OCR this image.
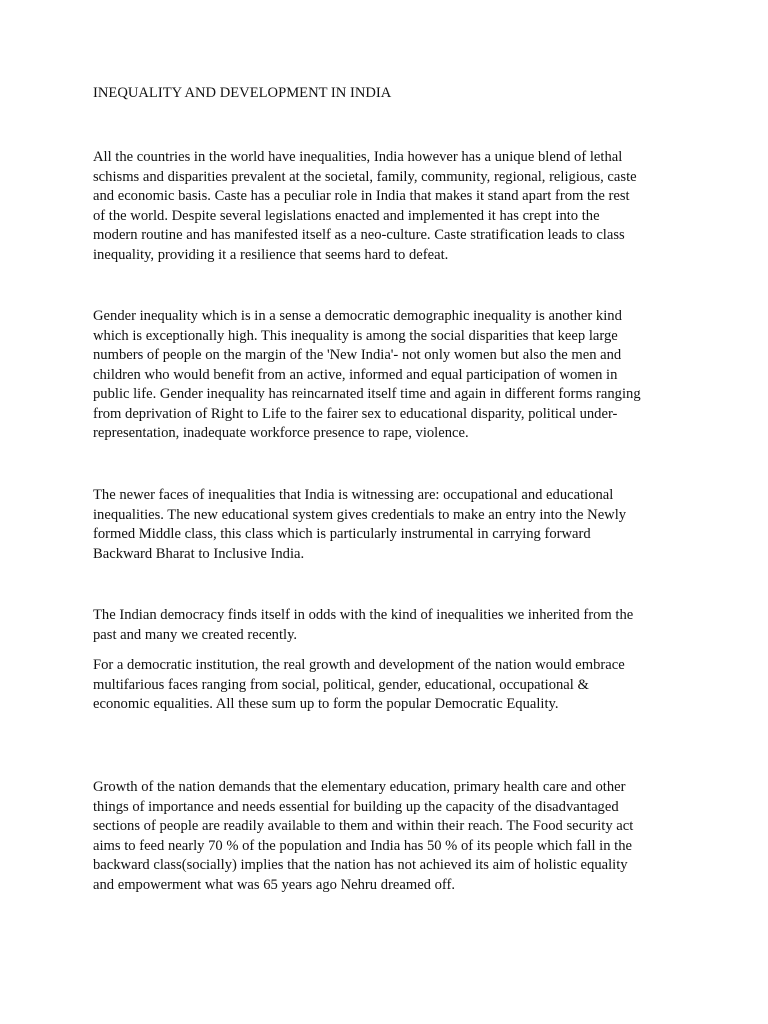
INEQUALITY AND DEVELOPMENT IN INDIA

All the countries in the world have inequalities, India however has a unique blend of lethal
schisms and disparities prevalent at the societal, family, community, regional, religious, caste
and economic basis. Caste has a peculiar role in India that makes it stand apart from the rest
of the world. Despite several legislations enacted and implemented it has crept into the
modern routine and has manifested itself as a neo-culture. Caste stratification leads to class
inequality, providing it a resilience that seems hard to defeat.

Gender inequality which is in a sense a democratic demographic inequality is another kind
which is exceptionally high. This inequality is among the social disparities that keep large
numbers of people on the margin of the 'New India'- not only women but also the men and
children who would benefit from an active, informed and equal participation of women in
public life. Gender inequality has reincarnated itself time and again in different forms ranging
from deprivation of Right to Life to the fairer sex to educational disparity, political under-
representation, inadequate workforce presence to rape, violence.

The newer faces of inequalities that India is witnessing are: occupational and educational
inequalities. The new educational system gives credentials to make an entry into the Newly
formed Middle class, this class which is particularly instrumental in carrying forward
Backward Bharat to Inclusive India.

The Indian democracy finds itself in odds with the kind of inequalities we inherited from the
past and many we created recently.

For a democratic institution, the real growth and development of the nation would embrace
multifarious faces ranging from social, political, gender, educational, occupational &
economic equalities. All these sum up to form the popular Democratic Equality.

Growth of the nation demands that the elementary education, primary health care and other
things of importance and needs essential for building up the capacity of the disadvantaged
sections of people are readily available to them and within their reach. The Food security act
aims to feed nearly 70 % of the population and India has 50 % of its people which fall in the
backward class(socially) implies that the nation has not achieved its aim of holistic equality
and empowerment what was 65 years ago Nehru dreamed off.
